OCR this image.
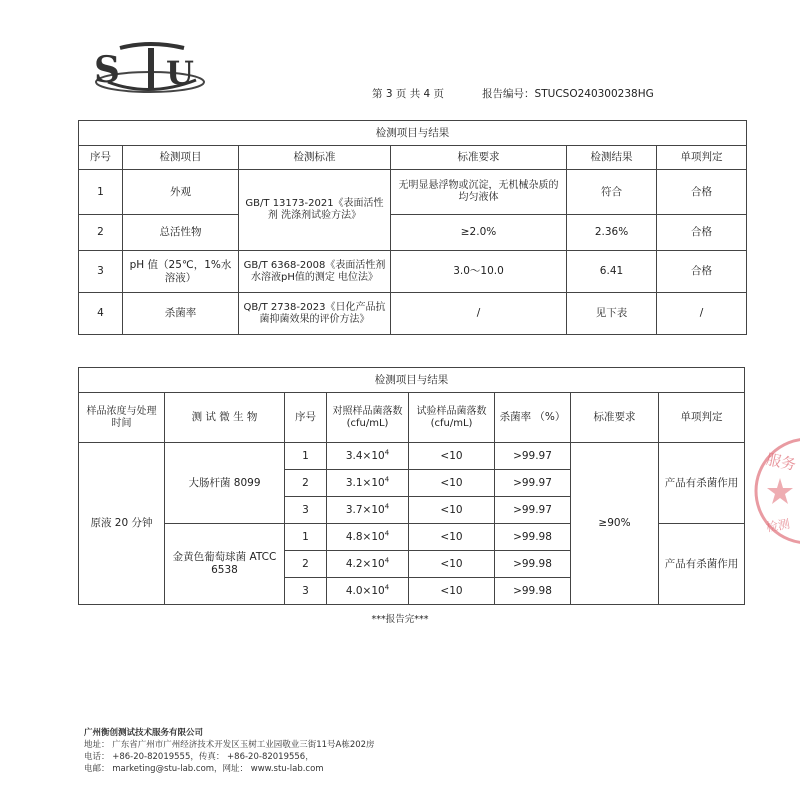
S U
第 3 页 共 4 页	报告编号：STUCSO240300238HG
检测项目与结果					
序号	检测项目	检测标准	标准要求	检测结果	单项判定
1	外观	GB/T 13173-2021《表面活性剂 洗涤剂试验方法》	无明显悬浮物或沉淀，无机械杂质的均匀液体	符合	合格
2	总活性物		≥2.0%	2.36%	合格
3	pH 值（25℃，1%水溶液）	GB/T 6368-2008《表面活性剂 水溶液pH值的测定 电位法》	3.0～10.0	6.41	合格
4	杀菌率	QB/T 2738-2023《日化产品抗菌抑菌效果的评价方法》	/	见下表	/
检测项目与结果							
样品浓度与处理时间	测 试 微 生 物	序号	对照样品菌落数 (cfu/mL)	试验样品菌落数 (cfu/mL)	杀菌率 （%）	标准要求	单项判定
原液 20 分钟	大肠杆菌 8099	1	$3.4\times 10^4$	<10	>99.97	≥90%	产品有杀菌作用
		2	$3.1\times 10^4$	<10	>99.97		
		3	$3.7\times 10^4$	<10	>99.97		
	金黄色葡萄球菌 ATCC 6538	1	$4.8\times 10^4$	<10	>99.98		产品有杀菌作用
		2	$4.2\times 10^4$	<10	>99.98		
		3	$4.0\times 10^4$	<10	>99.98		
***报告完***
服务
检测
广州衡创测试技术服务有限公司
地址： 广东省广州市广州经济技术开发区玉树工业园敬业三街11号A栋202房
电话： +86-20-82019555，传真： +86-20-82019556，
电邮： marketing@stu-lab.com，网址： www.stu-lab.com
